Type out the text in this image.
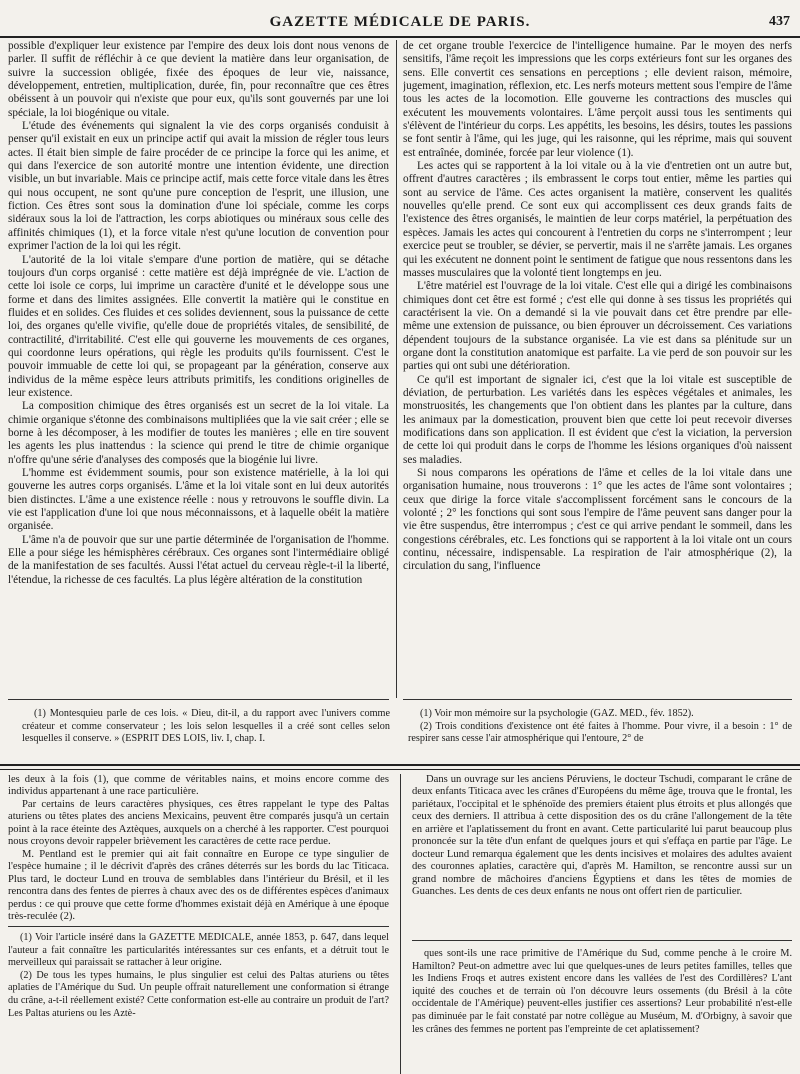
GAZETTE MÉDICALE DE PARIS.	437

possible d'expliquer leur existence par l'empire des deux lois dont nous venons de parler. Il suffit de réfléchir à ce que devient la matière dans leur organisation, de suivre la succession obligée, fixée des époques de leur vie, naissance, développement, entretien, multiplication, durée, fin, pour reconnaître que ces êtres obéissent à un pouvoir qui n'existe que pour eux, qu'ils sont gouvernés par une loi spéciale, la loi biogénique ou vitale.

L'étude des événements qui signalent la vie des corps organisés conduisit à penser qu'il existait en eux un principe actif qui avait la mission de régler tous leurs actes. Il était bien simple de faire procéder de ce principe la force qui les anime, et qui dans l'exercice de son autorité montre une intention évidente, une direction visible, un but invariable. Mais ce principe actif, mais cette force vitale dans les êtres qui nous occupent, ne sont qu'une pure conception de l'esprit, une illusion, une fiction. Ces êtres sont sous la domination d'une loi spéciale, comme les corps sidéraux sous la loi de l'attraction, les corps abiotiques ou minéraux sous celle des affinités chimiques (1), et la force vitale n'est qu'une locution de convention pour exprimer l'action de la loi qui les régit.

L'autorité de la loi vitale s'empare d'une portion de matière, qui se détache toujours d'un corps organisé : cette matière est déjà imprégnée de vie. L'action de cette loi isole ce corps, lui imprime un caractère d'unité et le développe sous une forme et dans des limites assignées. Elle convertit la matière qui le constitue en fluides et en solides. Ces fluides et ces solides deviennent, sous la puissance de cette loi, des organes qu'elle vivifie, qu'elle doue de propriétés vitales, de sensibilité, de contractilité, d'irritabilité. C'est elle qui gouverne les mouvements de ces organes, qui coordonne leurs opérations, qui règle les produits qu'ils fournissent. C'est le pouvoir immuable de cette loi qui, se propageant par la génération, conserve aux individus de la même espèce leurs attributs primitifs, les conditions originelles de leur existence.

La composition chimique des êtres organisés est un secret de la loi vitale. La chimie organique s'étonne des combinaisons multipliées que la vie sait créer ; elle se borne à les décomposer, à les modifier de toutes les manières ; elle en tire souvent les agents les plus inattendus : la science qui prend le titre de chimie organique n'offre qu'une série d'analyses des composés que la biogénie lui livre.

L'homme est évidemment soumis, pour son existence matérielle, à la loi qui gouverne les autres corps organisés. L'âme et la loi vitale sont en lui deux autorités bien distinctes. L'âme a une existence réelle : nous y retrouvons le souffle divin. La vie est l'application d'une loi que nous méconnaissons, et à laquelle obéit la matière organisée.

L'âme n'a de pouvoir que sur une partie déterminée de l'organisation de l'homme. Elle a pour siége les hémisphères cérébraux. Ces organes sont l'intermédiaire obligé de la manifestation de ses facultés. Aussi l'état actuel du cerveau règle-t-il la liberté, l'étendue, la richesse de ces facultés. La plus légère altération de la constitution

de cet organe trouble l'exercice de l'intelligence humaine. Par le moyen des nerfs sensitifs, l'âme reçoit les impressions que les corps extérieurs font sur les organes des sens. Elle convertit ces sensations en perceptions ; elle devient raison, mémoire, jugement, imagination, réflexion, etc. Les nerfs moteurs mettent sous l'empire de l'âme tous les actes de la locomotion. Elle gouverne les contractions des muscles qui exécutent les mouvements volontaires. L'âme perçoit aussi tous les sentiments qui s'élèvent de l'intérieur du corps. Les appétits, les besoins, les désirs, toutes les passions se font sentir à l'âme, qui les juge, qui les raisonne, qui les réprime, mais qui souvent est entraînée, dominée, forcée par leur violence (1).

Les actes qui se rapportent à la loi vitale ou à la vie d'entretien ont un autre but, offrent d'autres caractères ; ils embrassent le corps tout entier, même les parties qui sont au service de l'âme. Ces actes organisent la matière, conservent les qualités nouvelles qu'elle prend. Ce sont eux qui accomplissent ces deux grands faits de l'existence des êtres organisés, le maintien de leur corps matériel, la perpétuation des espèces. Jamais les actes qui concourent à l'entretien du corps ne s'interrompent ; leur exercice peut se troubler, se dévier, se pervertir, mais il ne s'arrête jamais. Les organes qui les exécutent ne donnent point le sentiment de fatigue que nous ressentons dans les masses musculaires que la volonté tient longtemps en jeu.

L'être matériel est l'ouvrage de la loi vitale. C'est elle qui a dirigé les combinaisons chimiques dont cet être est formé ; c'est elle qui donne à ses tissus les propriétés qui caractérisent la vie. On a demandé si la vie pouvait dans cet être prendre par elle-même une extension de puissance, ou bien éprouver un décroissement. Ces variations dépendent toujours de la substance organisée. La vie est dans sa plénitude sur un organe dont la constitution anatomique est parfaite. La vie perd de son pouvoir sur les parties qui ont subi une détérioration.

Ce qu'il est important de signaler ici, c'est que la loi vitale est susceptible de déviation, de perturbation. Les variétés dans les espèces végétales et animales, les monstruosités, les changements que l'on obtient dans les plantes par la culture, dans les animaux par la domestication, prouvent bien que cette loi peut recevoir diverses modifications dans son application. Il est évident que c'est la viciation, la perversion de cette loi qui produit dans le corps de l'homme les lésions organiques d'où naissent ses maladies.

Si nous comparons les opérations de l'âme et celles de la loi vitale dans une organisation humaine, nous trouverons : 1° que les actes de l'âme sont volontaires ; ceux que dirige la force vitale s'accomplissent forcément sans le concours de la volonté ; 2° les fonctions qui sont sous l'empire de l'âme peuvent sans danger pour la vie être suspendus, être interrompus ; c'est ce qui arrive pendant le sommeil, dans les congestions cérébrales, etc. Les fonctions qui se rapportent à la loi vitale ont un cours continu, nécessaire, indispensable. La respiration de l'air atmosphérique (2), la circulation du sang, l'influence

(1) Montesquieu parle de ces lois. « Dieu, dit-il, a du rapport avec l'univers comme créateur et comme conservateur ; les lois selon lesquelles il a créé sont celles selon lesquelles il conserve. » (ESPRIT DES LOIS, liv. I, chap. I.

(1) Voir mon mémoire sur la psychologie (GAZ. MÉD., fév. 1852).

(2) Trois conditions d'existence ont été faites à l'homme. Pour vivre, il a besoin : 1° de respirer sans cesse l'air atmosphérique qui l'entoure, 2° de

les deux à la fois (1), que comme de véritables nains, et moins encore comme des individus appartenant à une race particulière.

Par certains de leurs caractères physiques, ces êtres rappelant le type des Paltas aturiens ou têtes plates des anciens Mexicains, peuvent être comparés jusqu'à un certain point à la race éteinte des Aztèques, auxquels on a cherché à les rapporter. C'est pourquoi nous croyons devoir rappeler brièvement les caractères de cette race perdue.

M. Pentland est le premier qui ait fait connaître en Europe ce type singulier de l'espèce humaine ; il le décrivit d'après des crânes déterrés sur les bords du lac Titicaca. Plus tard, le docteur Lund en trouva de semblables dans l'intérieur du Brésil, et il les rencontra dans des fentes de pierres à chaux avec des os de différentes espèces d'animaux perdus : ce qui prouve que cette forme d'hommes existait déjà en Amérique à une époque très-reculée (2).

Dans un ouvrage sur les anciens Péruviens, le docteur Tschudi, comparant le crâne de deux enfants Titicaca avec les crânes d'Européens du même âge, trouva que le frontal, les pariétaux, l'occipital et le sphénoïde des premiers étaient plus étroits et plus allongés que ceux des derniers. Il attribua à cette disposition des os du crâne l'allongement de la tête en arrière et l'aplatissement du front en avant. Cette particularité lui parut beaucoup plus prononcée sur la tête d'un enfant de quelques jours et qui s'effaça en partie par l'âge. Le docteur Lund remarqua également que les dents incisives et molaires des adultes avaient des couronnes aplaties, caractère qui, d'après M. Hamilton, se rencontre aussi sur un grand nombre de mâchoires d'anciens Égyptiens et dans les têtes de momies de Guanches. Les dents de ces deux enfants ne nous ont offert rien de particulier.

(1) Voir l'article inséré dans la GAZETTE MÉDICALE, année 1853, p. 647, dans lequel l'auteur a fait connaître les particularités intéressantes sur ces enfants, et a détruit tout le merveilleux qui paraissait se rattacher à leur origine.

(2) De tous les types humains, le plus singulier est celui des Paltas aturiens ou têtes aplaties de l'Amérique du Sud. Un peuple offrait naturellement une conformation si étrange du crâne, a-t-il réellement existé? Cette conformation est-elle au contraire un produit de l'art? Les Paltas aturiens ou les Aztè-

ques sont-ils une race primitive de l'Amérique du Sud, comme penche à le croire M. Hamilton? Peut-on admettre avec lui que quelques-unes de leurs petites familles, telles que les Indiens Froqs et autres existent encore dans les vallées de l'est des Cordillères? L'ant iquité des couches et de terrain où l'on découvre leurs ossements (du Brésil à la côte occidentale de l'Amérique) peuvent-elles justifier ces assertions? Leur probabilité n'est-elle pas diminuée par le fait constaté par notre collègue au Muséum, M. d'Orbigny, à savoir que les crânes des femmes ne portent pas l'empreinte de cet aplatissement?
